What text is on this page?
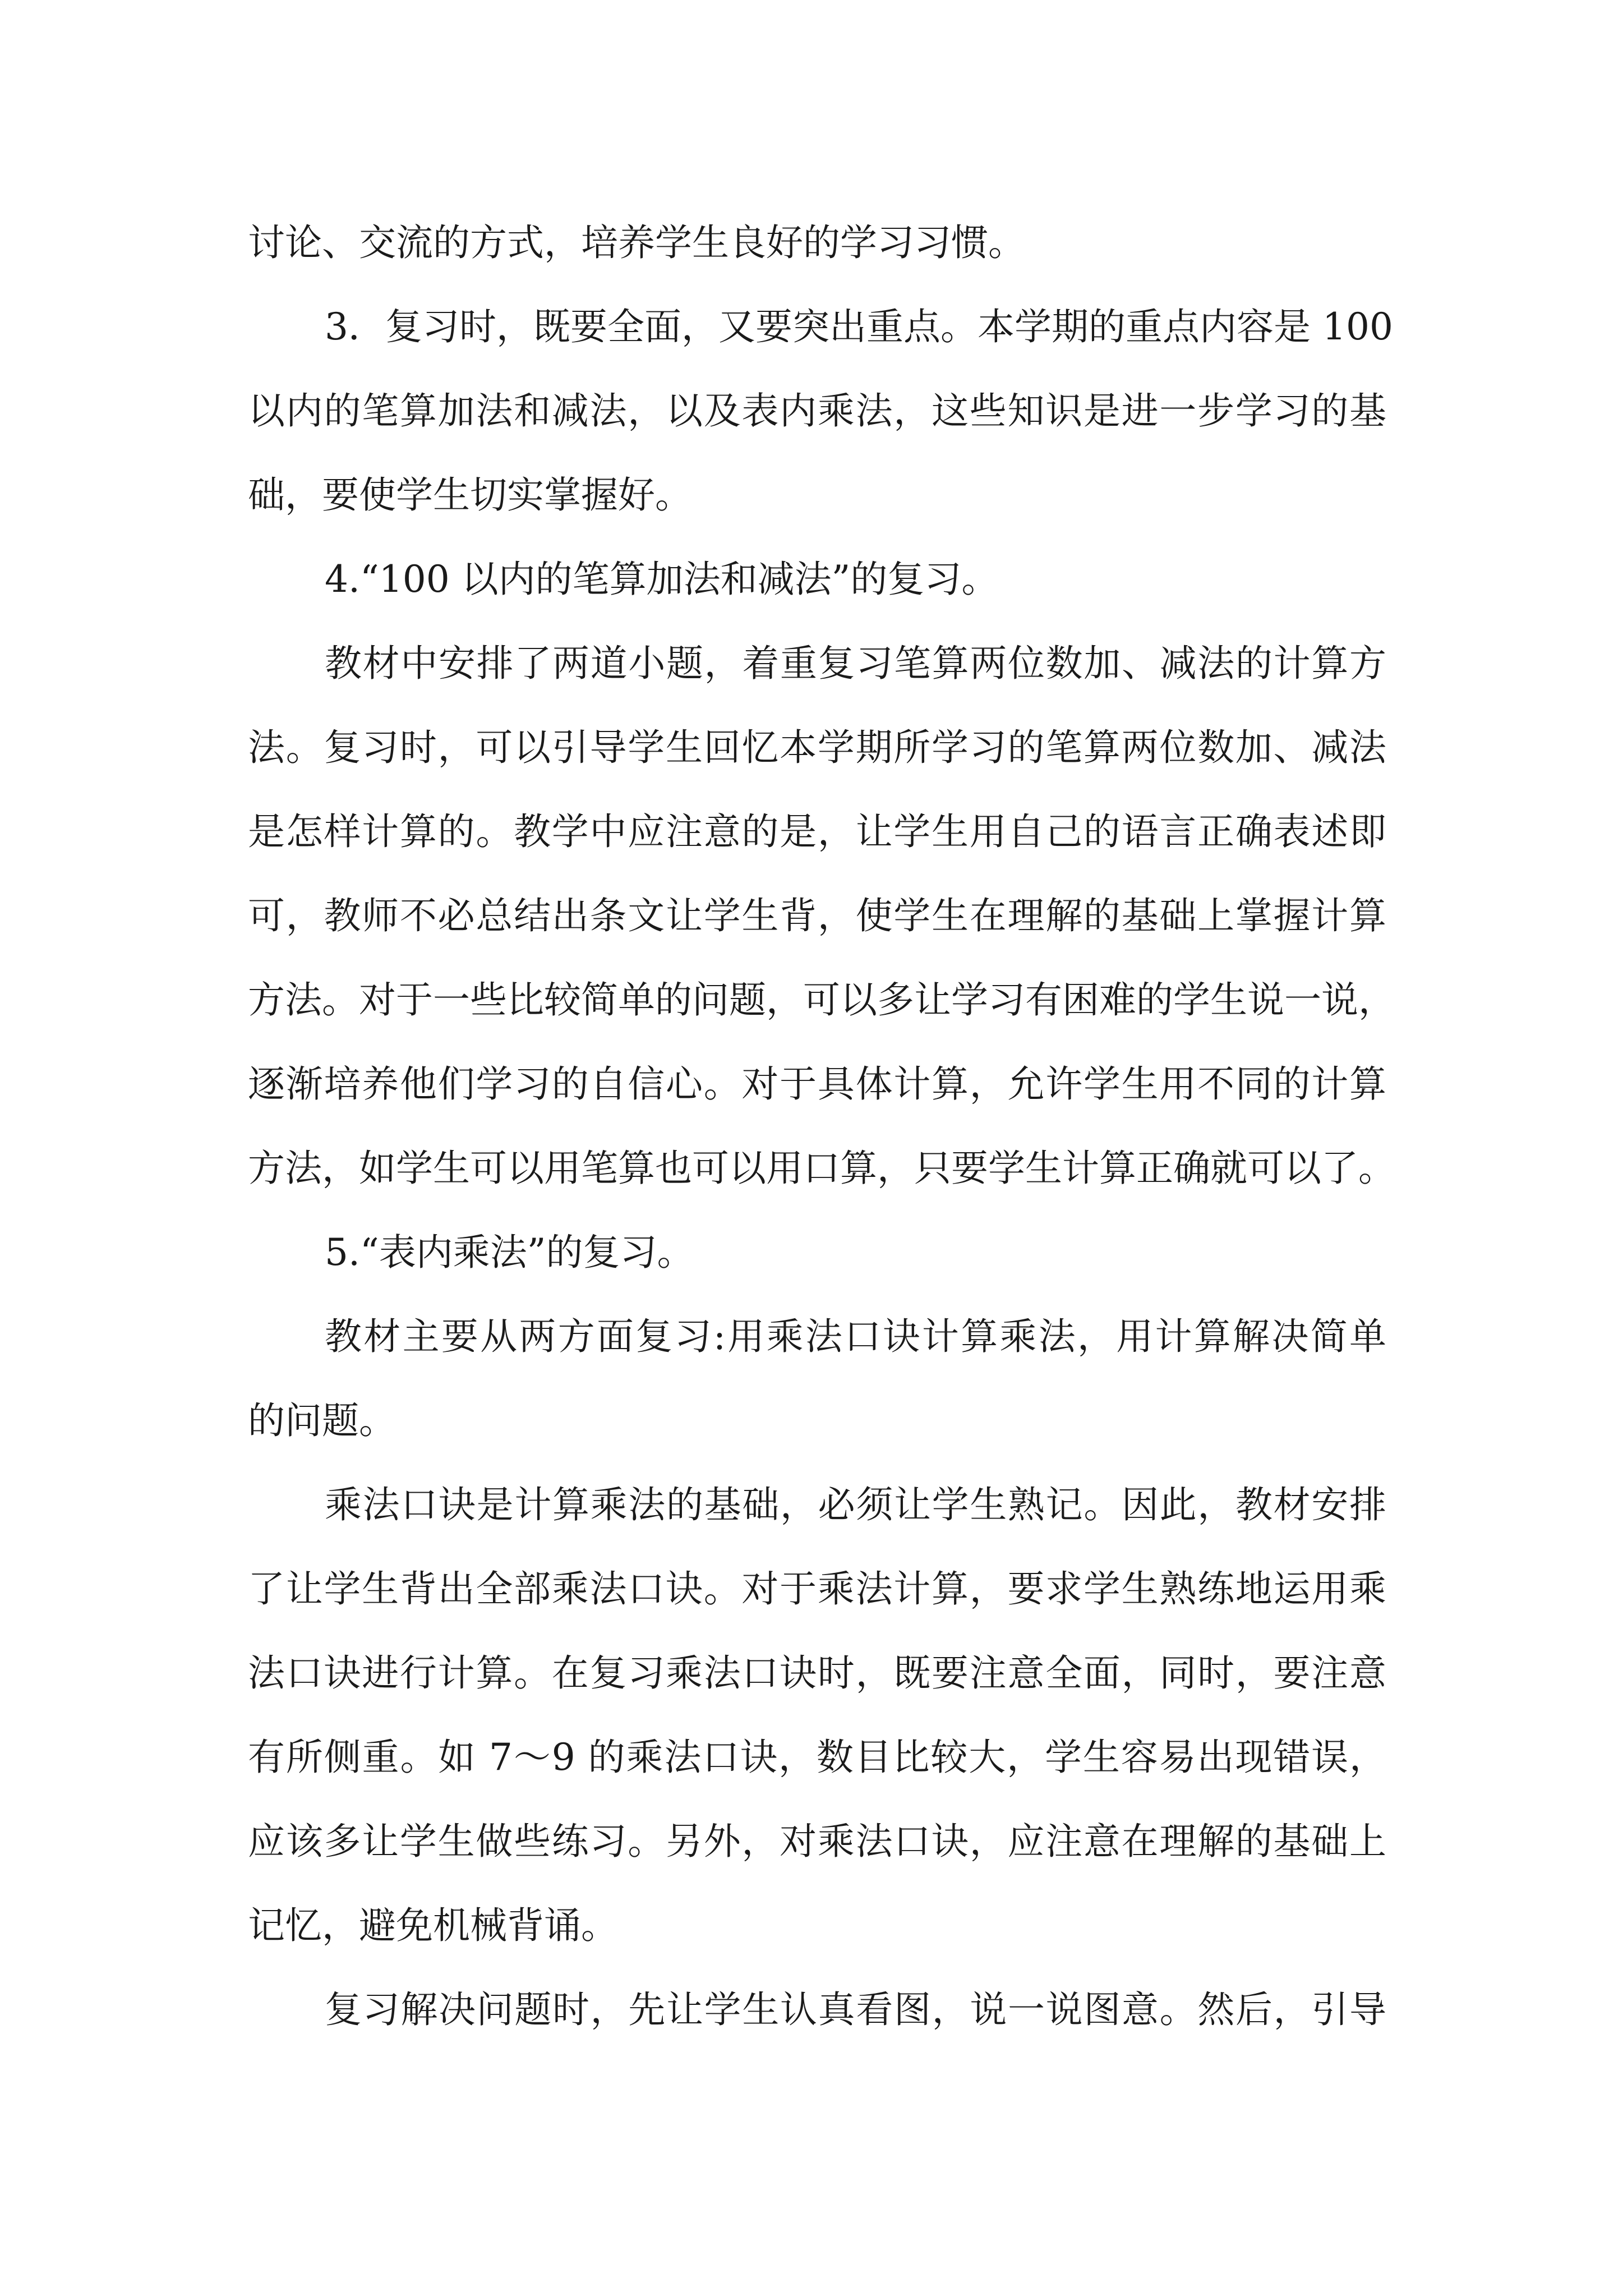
讨论、交流的方式，培养学生良好的学习习惯。
3．复习时，既要全面，又要突出重点。本学期的重点内容是 100
以内的笔算加法和减法，以及表内乘法，这些知识是进一步学习的基
础，要使学生切实掌握好。
4.“100 以内的笔算加法和减法”的复习。
教材中安排了两道小题，着重复习笔算两位数加、减法的计算方
法。复习时，可以引导学生回忆本学期所学习的笔算两位数加、减法
是怎样计算的。教学中应注意的是，让学生用自己的语言正确表述即
可，教师不必总结出条文让学生背，使学生在理解的基础上掌握计算
方法。对于一些比较简单的问题，可以多让学习有困难的学生说一说，
逐渐培养他们学习的自信心。对于具体计算，允许学生用不同的计算
方法，如学生可以用笔算也可以用口算，只要学生计算正确就可以了。
5.“表内乘法”的复习。
教材主要从两方面复习:用乘法口诀计算乘法，用计算解决简单
的问题。
乘法口诀是计算乘法的基础，必须让学生熟记。因此，教材安排
了让学生背出全部乘法口诀。对于乘法计算，要求学生熟练地运用乘
法口诀进行计算。在复习乘法口诀时，既要注意全面，同时，要注意
有所侧重。如 7～9 的乘法口诀，数目比较大，学生容易出现错误，
应该多让学生做些练习。另外，对乘法口诀，应注意在理解的基础上
记忆，避免机械背诵。
复习解决问题时，先让学生认真看图，说一说图意。然后，引导
